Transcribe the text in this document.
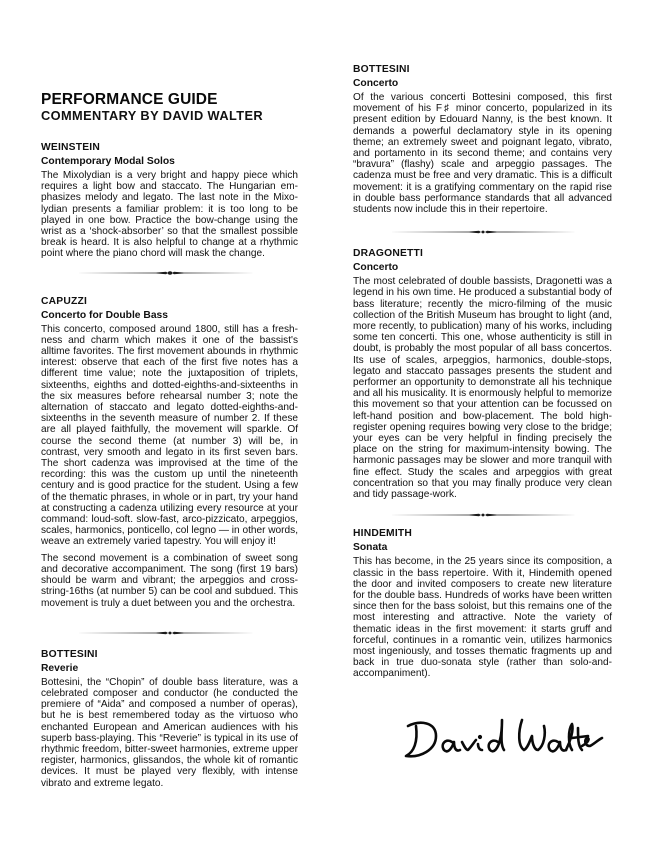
PERFORMANCE GUIDE
COMMENTARY BY DAVID WALTER

WEINSTEIN

Contemporary Modal Solos

The Mixolydian is a very bright and happy piece which requires a light bow and staccato. The Hungarian emphasizes melody and legato. The last note in the Mixolydian presents a familiar problem: it is too long to be played in one bow. Practice the bow-change using the wrist as a ‘shock-absorber’ so that the smallest possible break is heard. It is also helpful to change at a rhythmic point where the piano chord will mask the change.

CAPUZZI

Concerto for Double Bass

This concerto, composed around 1800, still has a freshness and charm which makes it one of the bassist's alltime favorites. The first movement abounds in rhythmic interest: observe that each of the first five notes has a different time value; note the juxtaposition of triplets, sixteenths, eighths and dotted-eighths-and-sixteenths in the six measures before rehearsal number 3; note the alternation of staccato and legato dotted-eighths-and-sixteenths in the seventh measure of number 2. If these are all played faithfully, the movement will sparkle. Of course the second theme (at number 3) will be, in contrast, very smooth and legato in its first seven bars. The short cadenza was improvised at the time of the recording: this was the custom up until the nineteenth century and is good practice for the student. Using a few of the thematic phrases, in whole or in part, try your hand at constructing a cadenza utilizing every resource at your command: loud-soft. slow-fast, arco-pizzicato, arpeggios, scales, harmonics, ponticello, col legno — in other words, weave an extremely varied tapestry. You will enjoy it!

The second movement is a combination of sweet song and decorative accompaniment. The song (first 19 bars) should be warm and vibrant; the arpeggios and cross-string-16ths (at number 5) can be cool and subdued. This movement is truly a duet between you and the orchestra.

BOTTESINI

Reverie

Bottesini, the “Chopin” of double bass literature, was a celebrated composer and conductor (he conducted the premiere of “Aida” and composed a number of operas), but he is best remembered today as the virtuoso who enchanted European and American audiences with his superb bass-playing. This “Reverie” is typical in its use of rhythmic freedom, bitter-sweet harmonies, extreme upper register, harmonics, glissandos, the whole kit of romantic devices. It must be played very flexibly, with intense vibrato and extreme legato.

BOTTESINI

Concerto

Of the various concerti Bottesini composed, this first movement of his F♯ minor concerto, popularized in its present edition by Edouard Nanny, is the best known. It demands a powerful declamatory style in its opening theme; an extremely sweet and poignant legato, vibrato, and portamento in its second theme; and contains very “bravura” (flashy) scale and arpeggio passages. The cadenza must be free and very dramatic. This is a difficult movement: it is a gratifying commentary on the rapid rise in double bass performance standards that all advanced students now include this in their repertoire.

DRAGONETTI

Concerto

The most celebrated of double bassists, Dragonetti was a legend in his own time. He produced a substantial body of bass literature; recently the micro-filming of the music collection of the British Museum has brought to light (and, more recently, to publication) many of his works, including some ten concerti. This one, whose authenticity is still in doubt, is probably the most popular of all bass concertos. Its use of scales, arpeggios, harmonics, double-stops, legato and staccato passages presents the student and performer an opportunity to demonstrate all his technique and all his musicality. It is enormously helpful to memorize this movement so that your attention can be focussed on left-hand position and bow-placement. The bold high-register opening requires bowing very close to the bridge; your eyes can be very helpful in finding precisely the place on the string for maximum-intensity bowing. The harmonic passages may be slower and more tranquil with fine effect. Study the scales and arpeggios with great concentration so that you may finally produce very clean and tidy passage-work.

HINDEMITH

Sonata

This has become, in the 25 years since its composition, a classic in the bass repertoire. With it, Hindemith opened the door and invited composers to create new literature for the double bass. Hundreds of works have been written since then for the bass soloist, but this remains one of the most interesting and attractive. Note the variety of thematic ideas in the first movement: it starts gruff and forceful, continues in a romantic vein, utilizes harmonics most ingeniously, and tosses thematic fragments up and back in true duo-sonata style (rather than solo-and-accompaniment).
